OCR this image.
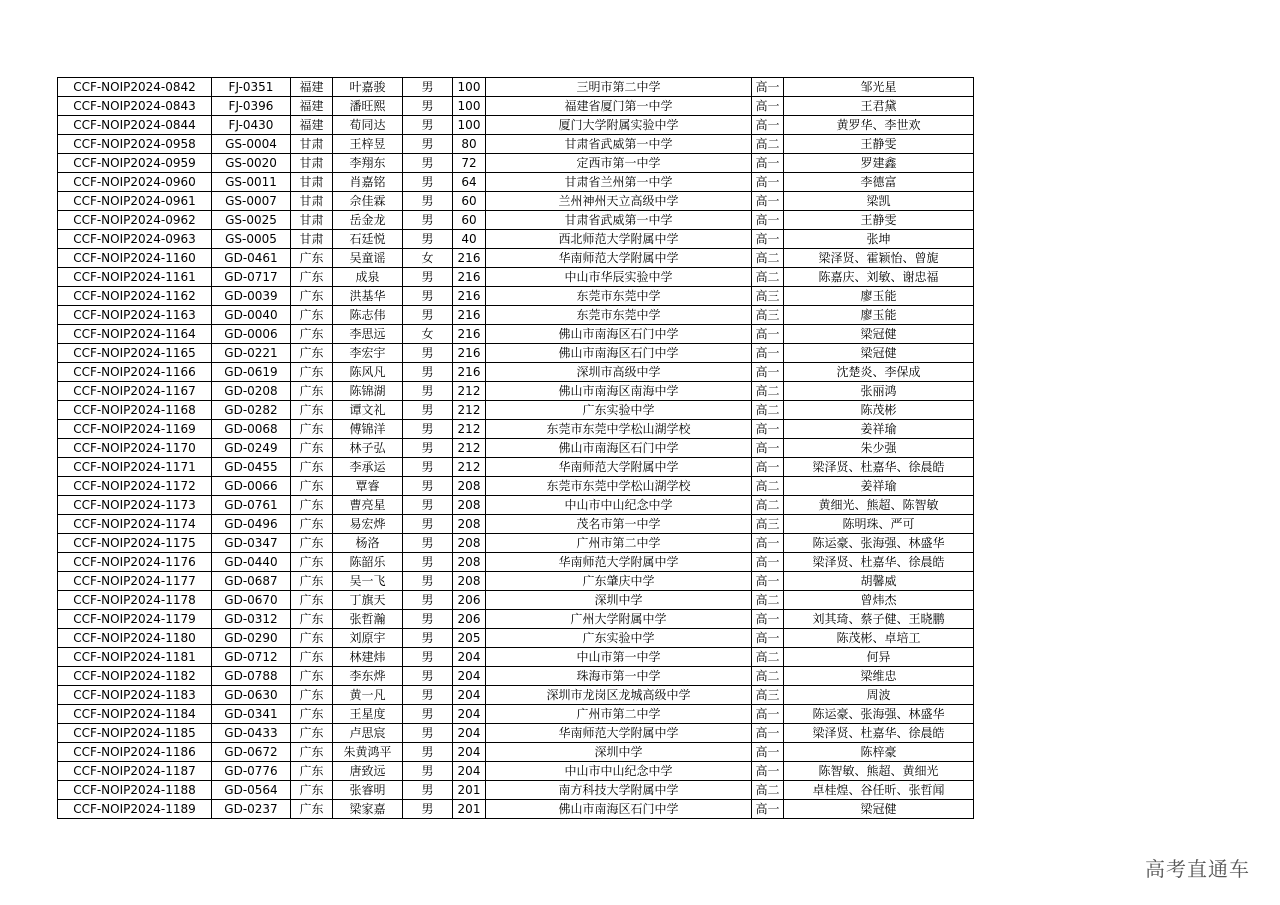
CCF-NOIP2024-0842	FJ-0351	福建	叶嘉骏	男	100	三明市第二中学	高一	邹光星
CCF-NOIP2024-0843	FJ-0396	福建	潘旺熙	男	100	福建省厦门第一中学	高一	王君黛
CCF-NOIP2024-0844	FJ-0430	福建	荀同达	男	100	厦门大学附属实验中学	高一	黄罗华、李世欢
CCF-NOIP2024-0958	GS-0004	甘肃	王梓昱	男	80	甘肃省武威第一中学	高二	王静雯
CCF-NOIP2024-0959	GS-0020	甘肃	李翔东	男	72	定西市第一中学	高一	罗建鑫
CCF-NOIP2024-0960	GS-0011	甘肃	肖嘉铭	男	64	甘肃省兰州第一中学	高一	李德富
CCF-NOIP2024-0961	GS-0007	甘肃	佘佳霖	男	60	兰州神州天立高级中学	高一	梁凯
CCF-NOIP2024-0962	GS-0025	甘肃	岳金龙	男	60	甘肃省武威第一中学	高一	王静雯
CCF-NOIP2024-0963	GS-0005	甘肃	石廷悦	男	40	西北师范大学附属中学	高一	张坤
CCF-NOIP2024-1160	GD-0461	广东	吴童谣	女	216	华南师范大学附属中学	高二	梁泽贤、霍颖怡、曾旎
CCF-NOIP2024-1161	GD-0717	广东	成泉	男	216	中山市华辰实验中学	高二	陈嘉庆、刘敏、谢忠福
CCF-NOIP2024-1162	GD-0039	广东	洪基华	男	216	东莞市东莞中学	高三	廖玉能
CCF-NOIP2024-1163	GD-0040	广东	陈志伟	男	216	东莞市东莞中学	高三	廖玉能
CCF-NOIP2024-1164	GD-0006	广东	李思远	女	216	佛山市南海区石门中学	高一	梁冠健
CCF-NOIP2024-1165	GD-0221	广东	李宏宇	男	216	佛山市南海区石门中学	高一	梁冠健
CCF-NOIP2024-1166	GD-0619	广东	陈风凡	男	216	深圳市高级中学	高一	沈楚炎、李保成
CCF-NOIP2024-1167	GD-0208	广东	陈锦湖	男	212	佛山市南海区南海中学	高二	张丽鸿
CCF-NOIP2024-1168	GD-0282	广东	谭文礼	男	212	广东实验中学	高二	陈茂彬
CCF-NOIP2024-1169	GD-0068	广东	傅锦洋	男	212	东莞市东莞中学松山湖学校	高一	姜祥瑜
CCF-NOIP2024-1170	GD-0249	广东	林子弘	男	212	佛山市南海区石门中学	高一	朱少强
CCF-NOIP2024-1171	GD-0455	广东	李承运	男	212	华南师范大学附属中学	高一	梁泽贤、杜嘉华、徐晨皓
CCF-NOIP2024-1172	GD-0066	广东	覃睿	男	208	东莞市东莞中学松山湖学校	高二	姜祥瑜
CCF-NOIP2024-1173	GD-0761	广东	曹亮星	男	208	中山市中山纪念中学	高二	黄细光、熊超、陈智敏
CCF-NOIP2024-1174	GD-0496	广东	易宏烨	男	208	茂名市第一中学	高三	陈明珠、严可
CCF-NOIP2024-1175	GD-0347	广东	杨洛	男	208	广州市第二中学	高一	陈运豪、张海强、林盛华
CCF-NOIP2024-1176	GD-0440	广东	陈韶乐	男	208	华南师范大学附属中学	高一	梁泽贤、杜嘉华、徐晨皓
CCF-NOIP2024-1177	GD-0687	广东	吴一飞	男	208	广东肇庆中学	高一	胡馨威
CCF-NOIP2024-1178	GD-0670	广东	丁旗天	男	206	深圳中学	高二	曾炜杰
CCF-NOIP2024-1179	GD-0312	广东	张哲瀚	男	206	广州大学附属中学	高一	刘其琦、蔡子健、王晓鹏
CCF-NOIP2024-1180	GD-0290	广东	刘原宇	男	205	广东实验中学	高一	陈茂彬、卓培工
CCF-NOIP2024-1181	GD-0712	广东	林建炜	男	204	中山市第一中学	高二	何异
CCF-NOIP2024-1182	GD-0788	广东	李东烨	男	204	珠海市第一中学	高二	梁维忠
CCF-NOIP2024-1183	GD-0630	广东	黄一凡	男	204	深圳市龙岗区龙城高级中学	高三	周波
CCF-NOIP2024-1184	GD-0341	广东	王星度	男	204	广州市第二中学	高一	陈运豪、张海强、林盛华
CCF-NOIP2024-1185	GD-0433	广东	卢思宸	男	204	华南师范大学附属中学	高一	梁泽贤、杜嘉华、徐晨皓
CCF-NOIP2024-1186	GD-0672	广东	朱黄鸿平	男	204	深圳中学	高一	陈梓豪
CCF-NOIP2024-1187	GD-0776	广东	唐致远	男	204	中山市中山纪念中学	高一	陈智敏、熊超、黄细光
CCF-NOIP2024-1188	GD-0564	广东	张睿明	男	201	南方科技大学附属中学	高二	卓桂煌、谷任昕、张哲闻
CCF-NOIP2024-1189	GD-0237	广东	梁家嘉	男	201	佛山市南海区石门中学	高一	梁冠健
高考直通车
